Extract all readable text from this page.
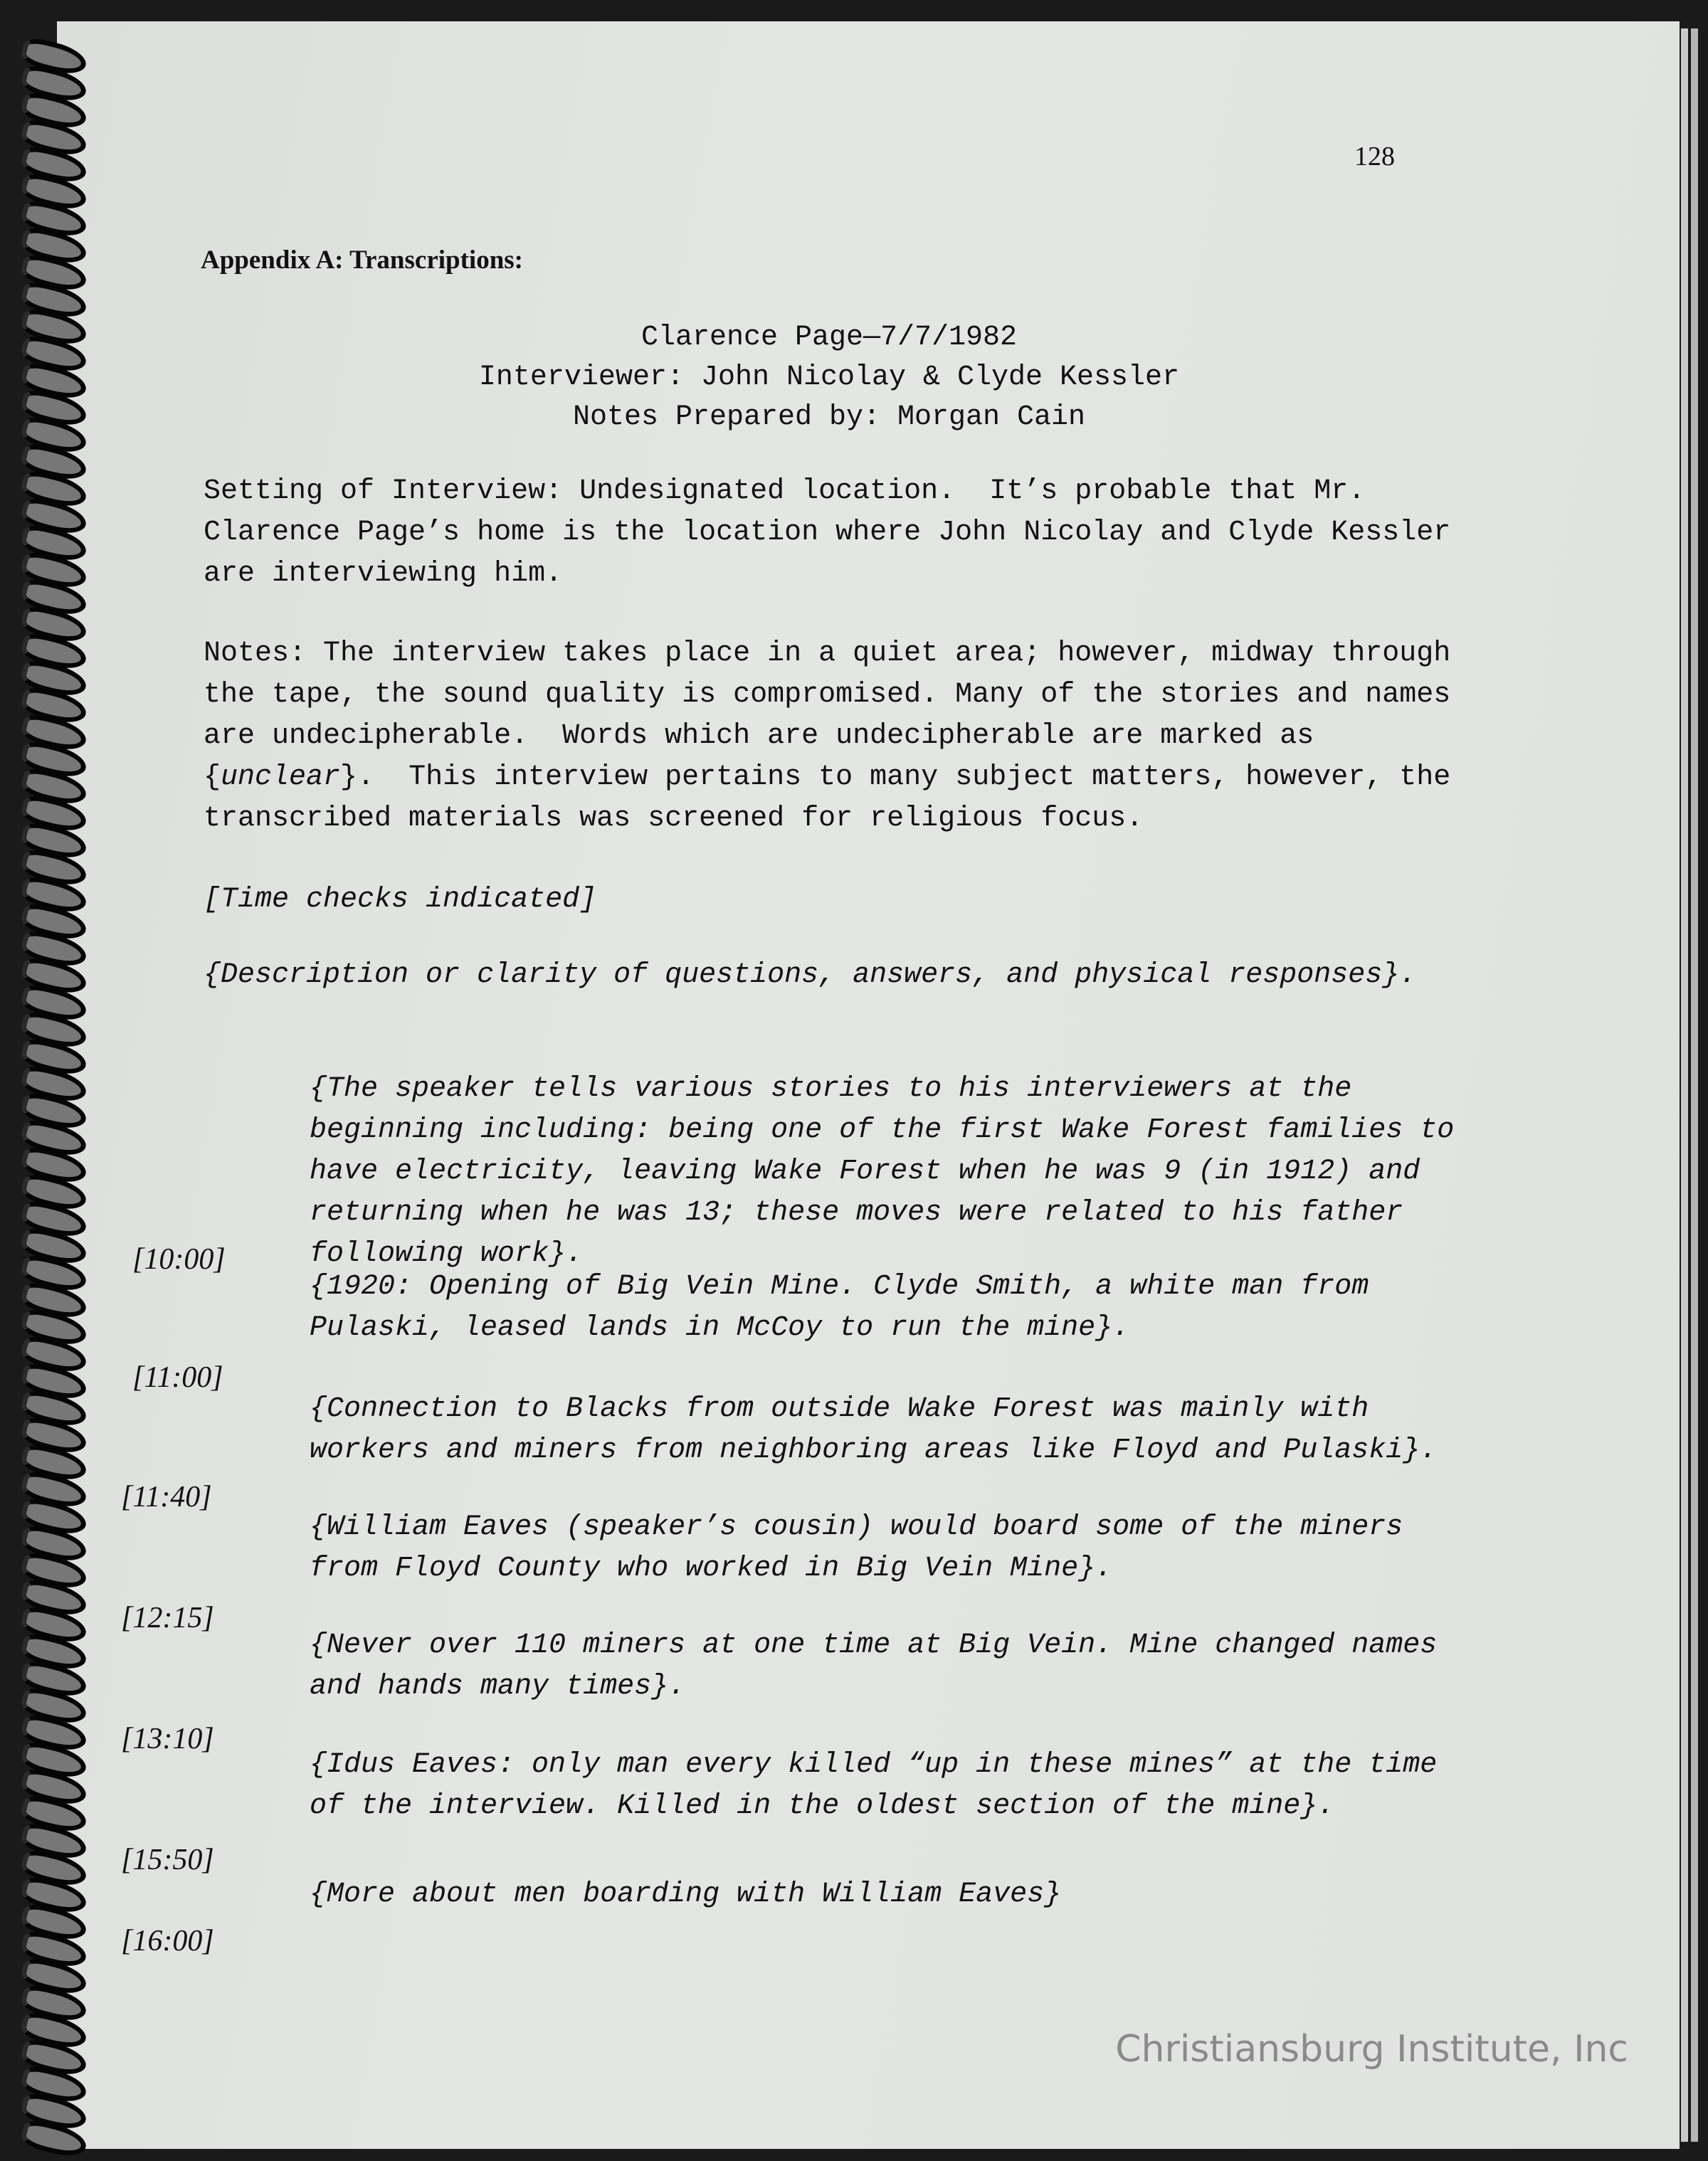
128
Appendix A: Transcriptions:
Clarence Page—7/7/1982
Interviewer: John Nicolay & Clyde Kessler
Notes Prepared by: Morgan Cain
Setting of Interview: Undesignated location.  It’s probable that Mr. Clarence Page’s home is the location where John Nicolay and Clyde Kessler are interviewing him.
Notes: The interview takes place in a quiet area; however, midway through the tape, the sound quality is compromised. Many of the stories and names are undecipherable.  Words which are undecipherable are marked as {unclear}.  This interview pertains to many subject matters, however, the transcribed materials was screened for religious focus.
[Time checks indicated]
{Description or clarity of questions, answers, and physical responses}.
{The speaker tells various stories to his interviewers at the beginning including: being one of the first Wake Forest families to have electricity, leaving Wake Forest when he was 9 (in 1912) and returning when he was 13; these moves were related to his father following work}.
[10:00]
{1920: Opening of Big Vein Mine. Clyde Smith, a white man from Pulaski, leased lands in McCoy to run the mine}.
[11:00]
{Connection to Blacks from outside Wake Forest was mainly with workers and miners from neighboring areas like Floyd and Pulaski}.
[11:40]
{William Eaves (speaker’s cousin) would board some of the miners from Floyd County who worked in Big Vein Mine}.
[12:15]
{Never over 110 miners at one time at Big Vein. Mine changed names and hands many times}.
[13:10]
{Idus Eaves: only man every killed “up in these mines” at the time of the interview. Killed in the oldest section of the mine}.
[15:50]
{More about men boarding with William Eaves}
[16:00]
Christiansburg Institute, Inc
